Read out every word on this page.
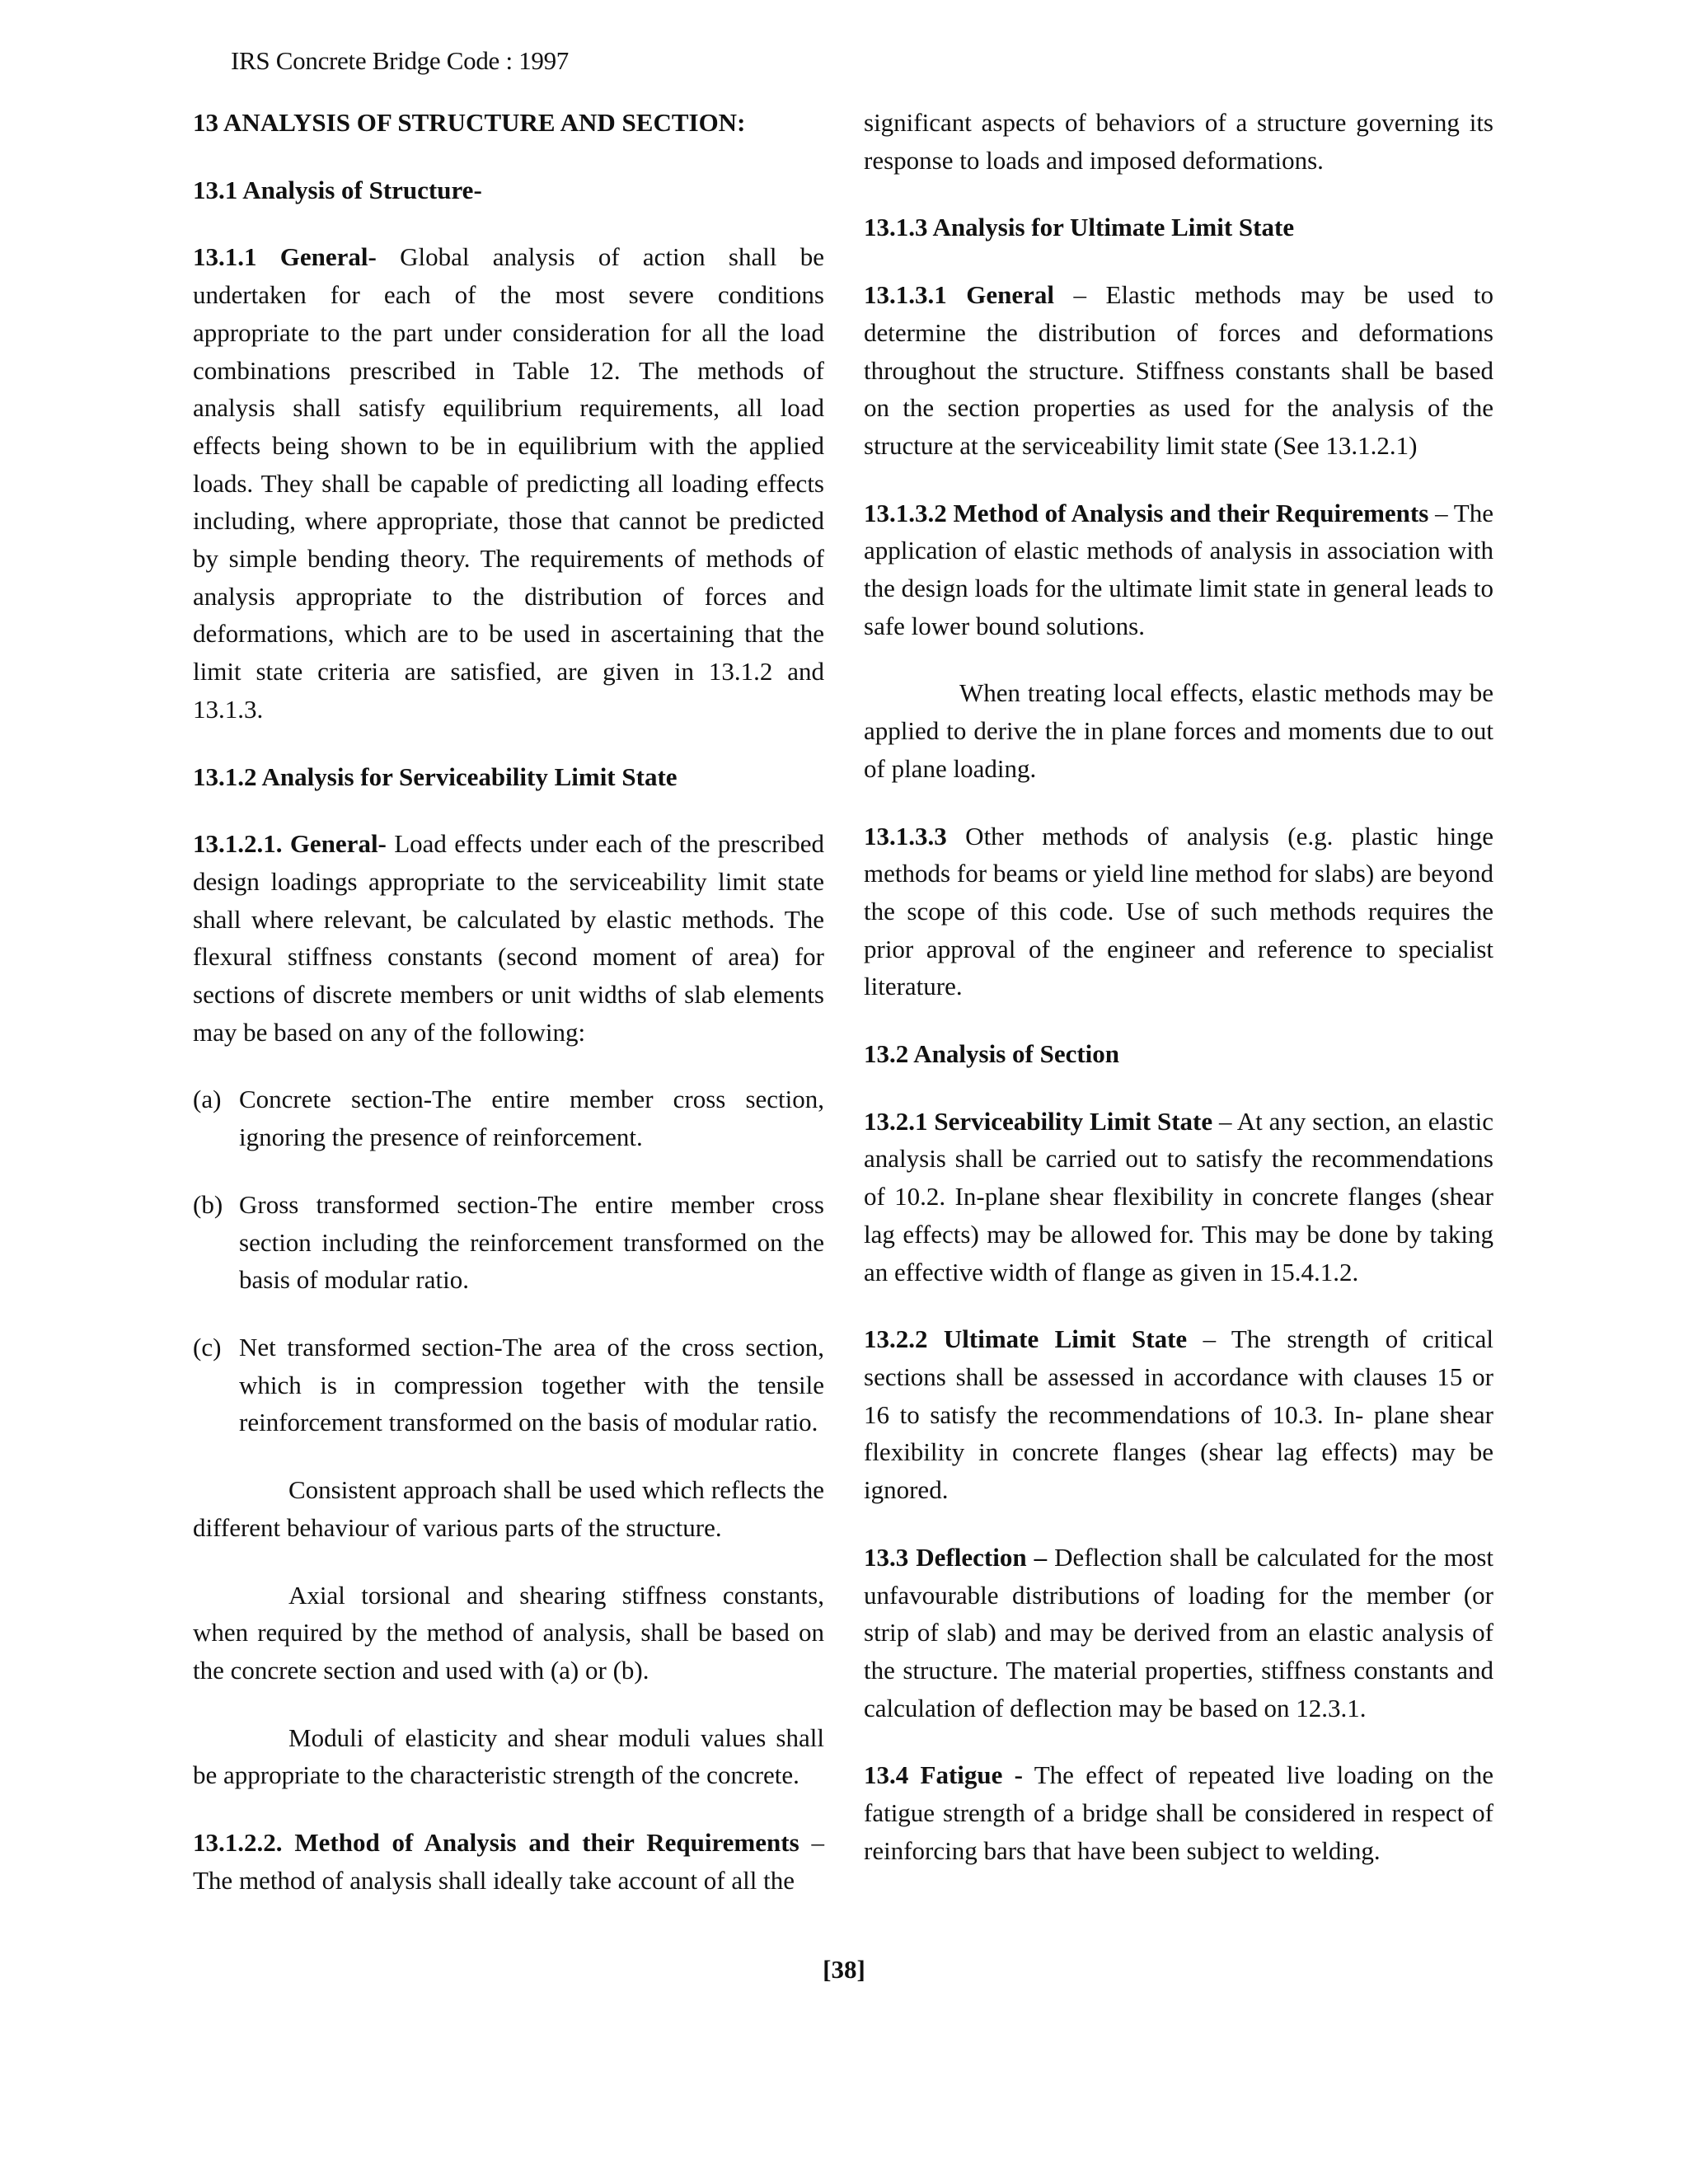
IRS Concrete Bridge Code : 1997
13 ANALYSIS OF STRUCTURE AND SECTION:
13.1 Analysis of Structure-

13.1.1 General- Global analysis of action shall be undertaken for each of the most severe conditions appropriate to the part under consideration for all the load combinations prescribed in Table 12. The methods of analysis shall satisfy equilibrium requirements, all load effects being shown to be in equilibrium with the applied loads. They shall be capable of predicting all loading effects including, where appropriate, those that cannot be predicted by simple bending theory. The requirements of methods of analysis appropriate to the distribution of forces and deformations, which are to be used in ascertaining that the limit state criteria are satisfied, are given in 13.1.2 and 13.1.3.

13.1.2 Analysis for Serviceability Limit State

13.1.2.1. General- Load effects under each of the prescribed design loadings appropriate to the serviceability limit state shall where relevant, be calculated by elastic methods. The flexural stiffness constants (second moment of area) for sections of discrete members or unit widths of slab elements may be based on any of the following:

(a) Concrete section-The entire member cross section, ignoring the presence of reinforcement.
(b) Gross transformed section-The entire member cross section including the reinforcement transformed on the basis of modular ratio.
(c) Net transformed section-The area of the cross section, which is in compression together with the tensile reinforcement transformed on the basis of modular ratio.

Consistent approach shall be used which reflects the different behaviour of various parts of the structure.

Axial torsional and shearing stiffness constants, when required by the method of analysis, shall be based on the concrete section and used with (a) or (b).

Moduli of elasticity and shear moduli values shall be appropriate to the characteristic strength of the concrete.

13.1.2.2. Method of Analysis and their Requirements – The method of analysis shall ideally take account of all the

significant aspects of behaviors of a structure governing its response to loads and imposed deformations.

13.1.3 Analysis for Ultimate Limit State

13.1.3.1 General – Elastic methods may be used to determine the distribution of forces and deformations throughout the structure. Stiffness constants shall be based on the section properties as used for the analysis of the structure at the serviceability limit state (See 13.1.2.1)

13.1.3.2 Method of Analysis and their Requirements – The application of elastic methods of analysis in association with the design loads for the ultimate limit state in general leads to safe lower bound solutions.

When treating local effects, elastic methods may be applied to derive the in plane forces and moments due to out of plane loading.

13.1.3.3 Other methods of analysis (e.g. plastic hinge methods for beams or yield line method for slabs) are beyond the scope of this code. Use of such methods requires the prior approval of the engineer and reference to specialist literature.

13.2 Analysis of Section

13.2.1 Serviceability Limit State – At any section, an elastic analysis shall be carried out to satisfy the recommendations of 10.2. In-plane shear flexibility in concrete flanges (shear lag effects) may be allowed for. This may be done by taking an effective width of flange as given in 15.4.1.2.

13.2.2 Ultimate Limit State – The strength of critical sections shall be assessed in accordance with clauses 15 or 16 to satisfy the recommendations of 10.3. In- plane shear flexibility in concrete flanges (shear lag effects) may be ignored.

13.3 Deflection – Deflection shall be calculated for the most unfavourable distributions of loading for the member (or strip of slab) and may be derived from an elastic analysis of the structure. The material properties, stiffness constants and calculation of deflection may be based on 12.3.1.

13.4 Fatigue - The effect of repeated live loading on the fatigue strength of a bridge shall be considered in respect of reinforcing bars that have been subject to welding.

[38]
